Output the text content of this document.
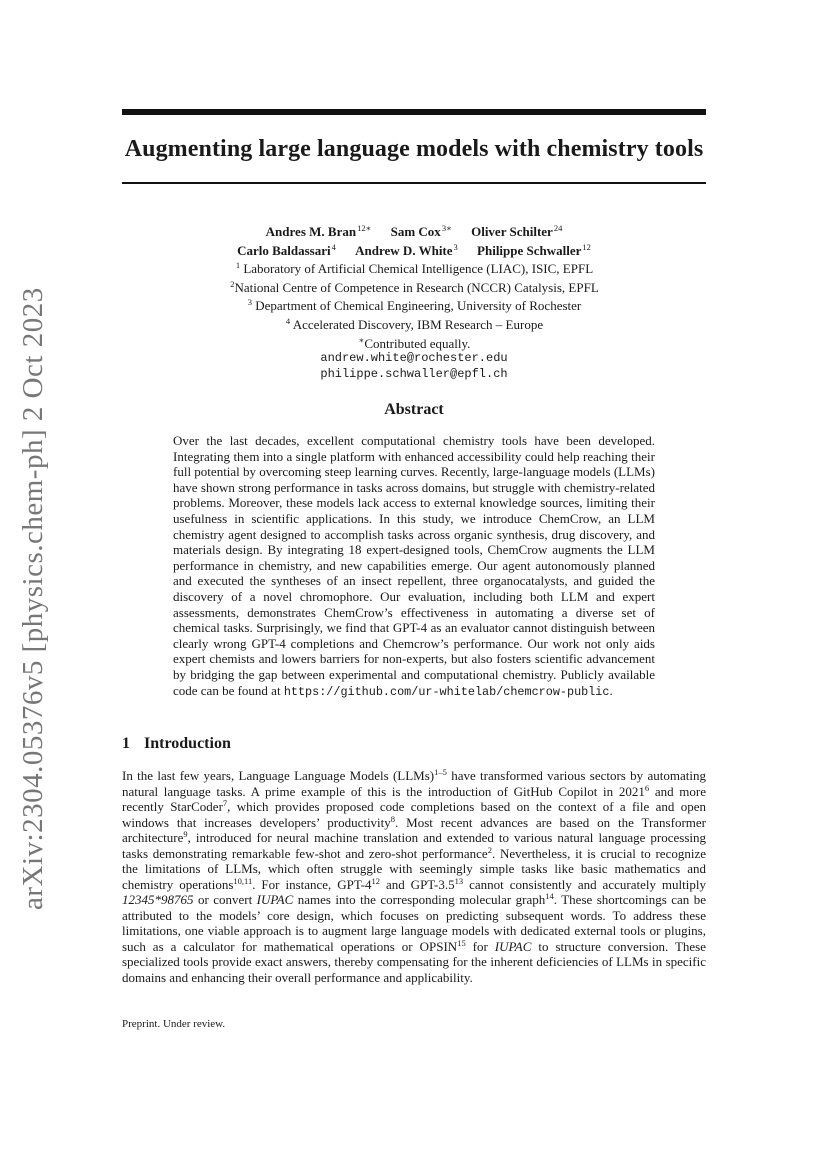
arXiv:2304.05376v5 [physics.chem-ph] 2 Oct 2023
Augmenting large language models with chemistry tools
Andres M. Bran$^{12∗}$ Sam Cox$^{3∗}$ Oliver Schilter$^{24}$
Carlo Baldassari$^4$ Andrew D. White$^3$ Philippe Schwaller$^{12}$
$^1$ Laboratory of Artificial Chemical Intelligence (LIAC), ISIC, EPFL
$^2$National Centre of Competence in Research (NCCR) Catalysis, EPFL
$^3$ Department of Chemical Engineering, University of Rochester
$^4$ Accelerated Discovery, IBM Research – Europe
∗Contributed equally.
andrew.white@rochester.edu
philippe.schwaller@epfl.ch
Abstract
Over the last decades, excellent computational chemistry tools have been developed. Integrating them into a single platform with enhanced accessibility could help reaching their full potential by overcoming steep learning curves. Recently, large-language models (LLMs) have shown strong performance in tasks across domains, but struggle with chemistry-related problems. Moreover, these models lack access to external knowledge sources, limiting their usefulness in scientific applications. In this study, we introduce ChemCrow, an LLM chemistry agent designed to accomplish tasks across organic synthesis, drug discovery, and materials design. By integrating 18 expert-designed tools, ChemCrow augments the LLM performance in chemistry, and new capabilities emerge. Our agent autonomously planned and executed the syntheses of an insect repellent, three organocatalysts, and guided the discovery of a novel chromophore. Our evaluation, including both LLM and expert assessments, demonstrates ChemCrow’s effectiveness in automating a diverse set of chemical tasks. Surprisingly, we find that GPT-4 as an evaluator cannot distinguish between clearly wrong GPT-4 completions and Chemcrow’s performance. Our work not only aids expert chemists and lowers barriers for non-experts, but also fosters scientific advancement by bridging the gap between experimental and computational chemistry. Publicly available code can be found at https://github.com/ur-whitelab/chemcrow-public.
1 Introduction
In the last few years, Language Language Models (LLMs)$^{1-5}$ have transformed various sectors by automating natural language tasks. A prime example of this is the introduction of GitHub Copilot in 2021$^6$ and more recently StarCoder$^7$, which provides proposed code completions based on the context of a file and open windows that increases developers’ productivity$^8$. Most recent advances are based on the Transformer architecture$^9$, introduced for neural machine translation and extended to various natural language processing tasks demonstrating remarkable few-shot and zero-shot performance$^2$. Nevertheless, it is crucial to recognize the limitations of LLMs, which often struggle with seemingly simple tasks like basic mathematics and chemistry operations$^{10,11}$. For instance, GPT-$4^{12}$ and GPT-$3.5^{13}$ cannot consistently and accurately multiply 12345*98765 or convert IUPAC names into the corresponding molecular graph$^{14}$. These shortcomings can be attributed to the models’ core design, which focuses on predicting subsequent words. To address these limitations, one viable approach is to augment large language models with dedicated external tools or plugins, such as a calculator for mathematical operations or OPSIN$^{15}$ for IUPAC to structure conversion. These specialized tools provide exact answers, thereby compensating for the inherent deficiencies of LLMs in specific domains and enhancing their overall performance and applicability.
Preprint. Under review.
